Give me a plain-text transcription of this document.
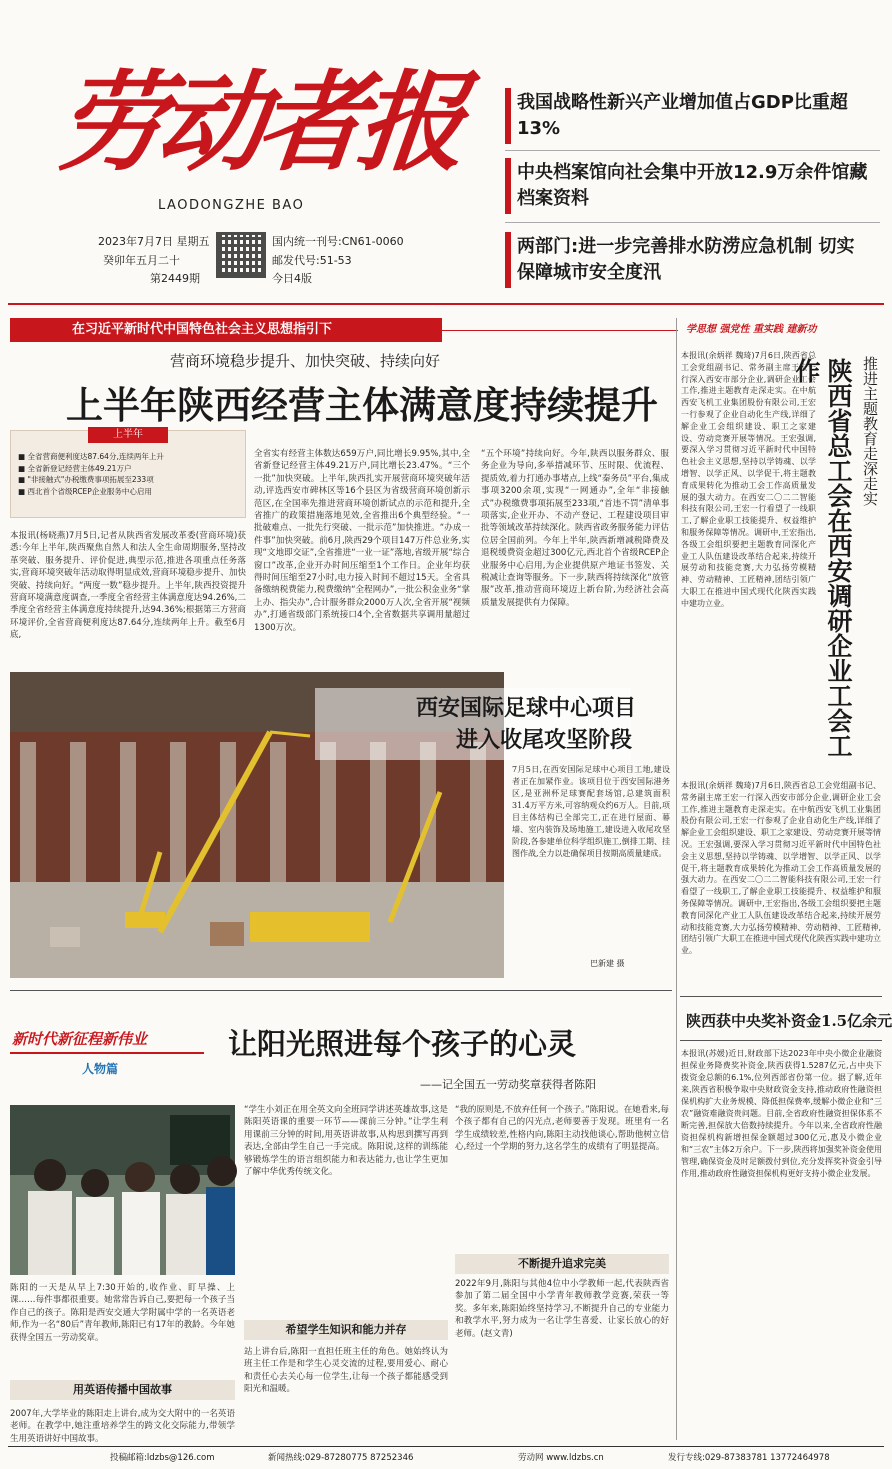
劳动者报
LAODONGZHE BAO
2023年7月7日 星期五
癸卯年五月二十
第2449期
国内统一刊号:CN61-0060
邮发代号:51-53
今日4版
我国战略性新兴产业增加值占GDP比重超13%
中央档案馆向社会集中开放12.9万余件馆藏档案资料
两部门:进一步完善排水防涝应急机制 切实保障城市安全度汛
在习近平新时代中国特色社会主义思想指引下	学思想 强党性 重实践 建新功
营商环境稳步提升、加快突破、持续向好
上半年陕西经营主体满意度持续提升
上半年
■ 全省营商便利度达87.64分,连续两年上升
■ 全省新登记经营主体49.21万户
■ "非接触式"办税缴费事项拓展至233项
■ 西北首个省级RCEP企业服务中心启用
本报讯(杨晓燕)7月5日,记者从陕西省发展改革委(营商环境)获悉:今年上半年,陕西聚焦自然人和法人全生命周期服务,坚持改革突破、服务提升、评价促进,典型示范,推进各项重点任务落实,营商环境突破年活动取得明显成效,营商环境稳步提升、加快突破、持续向好。“两度一数”稳步提升。上半年,陕西投资提升营商环境满意度调查,一季度全省经营主体满意度达94.26%,二季度全省经营主体满意度持续提升,达94.36%;根据第三方营商环境评价,全省营商便利度达87.64分,连续两年上升。截至6月底,
全省实有经营主体数达659万户,同比增长9.95%,其中,全省新登记经营主体49.21万户,同比增长23.47%。“三个一批”加快突破。上半年,陕西扎实开展营商环境突破年活动,评选西安市碑林区等16个县区为省级营商环境创新示范区,在全国率先推进营商环境创新试点的示范和提升,全省推广的政策措施落地见效,全省推出6个典型经验。“一批破难点、一批先行突破、一批示范”加快推进。“办成一件事”加快突破。前6月,陕西29个项目147万件总业务,实现“文地即交证”,全省推进“一业一证”落地,省级开展“综合窗口”改革,企业开办时间压缩至1个工作日。企业年均获得时间压缩至27小时,电力接入时间不超过15天。全省具备缴纳税费能力,税费缴纳“全程网办”,一批公积金业务“掌上办、指尖办”,合计服务群众2000万人次,全省开展“视频办”,打通省级部门系统接口4个,全省数据共享调用量超过1300万次。
“五个环境”持续向好。今年,陕西以服务群众、服务企业为导向,多举措减环节、压时限、优流程、提质效,着力打通办事堵点,上线“秦务员”平台,集成事项3200余项,实现“一网通办”,全年“非接触式”办税缴费事项拓展至233项,“首违不罚”清单事项落实,企业开办、不动产登记、工程建设项目审批等领域改革持续深化。陕西省政务服务能力评估位居全国前列。今年上半年,陕西新增减税降费及退税缓费资金超过300亿元,西北首个省级RCEP企业服务中心启用,为企业提供原产地证书签发、关税减让查询等服务。下一步,陕西将持续深化“放管服”改革,推动营商环境迈上新台阶,为经济社会高质量发展提供有力保障。
西安国际足球中心项目
进入收尾攻坚阶段
7月5日,在西安国际足球中心项目工地,建设者正在加紧作业。该项目位于西安国际港务区,是亚洲杯足球赛配套场馆,总建筑面积31.4万平方米,可容纳观众约6万人。目前,项目主体结构已全部完工,正在进行屋面、幕墙、室内装饰及场地施工,建设进入收尾攻坚阶段,各参建单位科学组织施工,倒排工期、挂图作战,全力以赴确保项目按期高质量建成。
巴新建 摄
本报讯(余炳祥 魏琦)7月6日,陕西省总工会党组副书记、常务副主席王宏一行深入西安市部分企业,调研企业工会工作,推进主题教育走深走实。在中航西安飞机工业集团股份有限公司,王宏一行参观了企业自动化生产线,详细了解企业工会组织建设、职工之家建设、劳动竞赛开展等情况。王宏强调,要深入学习贯彻习近平新时代中国特色社会主义思想,坚持以学铸魂、以学增智、以学正风、以学促干,将主题教育成果转化为推动工会工作高质量发展的强大动力。在西安二〇二二智能科技有限公司,王宏一行看望了一线职工,了解企业职工技能提升、权益维护和服务保障等情况。调研中,王宏指出,各级工会组织要把主题教育同深化产业工人队伍建设改革结合起来,持续开展劳动和技能竞赛,大力弘扬劳模精神、劳动精神、工匠精神,团结引领广大职工在推进中国式现代化陕西实践中建功立业。	陕西省总工会在西安调研企业工会工作	推进主题教育走深走实
本报讯(余炳祥 魏琦)7月6日,陕西省总工会党组副书记、常务副主席王宏一行深入西安市部分企业,调研企业工会工作,推进主题教育走深走实。在中航西安飞机工业集团股份有限公司,王宏一行参观了企业自动化生产线,详细了解企业工会组织建设、职工之家建设、劳动竞赛开展等情况。王宏强调,要深入学习贯彻习近平新时代中国特色社会主义思想,坚持以学铸魂、以学增智、以学正风、以学促干,将主题教育成果转化为推动工会工作高质量发展的强大动力。在西安二〇二二智能科技有限公司,王宏一行看望了一线职工,了解企业职工技能提升、权益维护和服务保障等情况。调研中,王宏指出,各级工会组织要把主题教育同深化产业工人队伍建设改革结合起来,持续开展劳动和技能竞赛,大力弘扬劳模精神、劳动精神、工匠精神,团结引领广大职工在推进中国式现代化陕西实践中建功立业。
陕西获中央奖补资金1.5亿余元
本报讯(苏媛)近日,财政部下达2023年中央小微企业融资担保业务降费奖补资金,陕西获得1.5287亿元,占中央下拨资金总额的6.1%,位列西部省份第一位。据了解,近年来,陕西省积极争取中央财政资金支持,推动政府性融资担保机构扩大业务规模、降低担保费率,缓解小微企业和“三农”融资难融资贵问题。目前,全省政府性融资担保体系不断完善,担保放大倍数持续提升。今年以来,全省政府性融资担保机构新增担保金额超过300亿元,惠及小微企业和“三农”主体2万余户。下一步,陕西将加强奖补资金使用管理,确保资金及时足额拨付到位,充分发挥奖补资金引导作用,推动政府性融资担保机构更好支持小微企业发展。
新时代新征程新伟业
人物篇
让阳光照进每个孩子的心灵
——记全国五一劳动奖章获得者陈阳
陈阳的一天是从早上7:30开始的,收作业、盯早操、上课……每件事都很重要。她常常告诉自己,要把每一个孩子当作自己的孩子。陈阳是西安交通大学附属中学的一名英语老师,作为一名“80后”青年教师,陈阳已有17年的教龄。今年她获得全国五一劳动奖章。
用英语传播中国故事
2007年,大学毕业的陈阳走上讲台,成为交大附中的一名英语老师。在教学中,她注重培养学生的跨文化交际能力,带领学生用英语讲好中国故事。
“学生小刘正在用全英文向全班同学讲述英雄故事,这是陈阳英语课的重要一环节——课前三分钟。”让学生利用课前三分钟的时间,用英语讲故事,从构思到撰写再到表达,全部由学生自己一手完成。陈阳说,这样的训练能够锻炼学生的语言组织能力和表达能力,也让学生更加了解中华优秀传统文化。
希望学生知识和能力并存
站上讲台后,陈阳一直担任班主任的角色。她始终认为班主任工作是和学生心灵交流的过程,要用爱心、耐心和责任心去关心每一位学生,让每一个孩子都能感受到阳光和温暖。
“我的原则是,不放弃任何一个孩子。”陈阳说。在她看来,每个孩子都有自己的闪光点,老师要善于发现。班里有一名学生成绩较差,性格内向,陈阳主动找他谈心,帮助他树立信心,经过一个学期的努力,这名学生的成绩有了明显提高。
不断提升追求完美
2022年9月,陈阳与其他4位中小学教师一起,代表陕西省参加了第二届全国中小学青年教师教学竞赛,荣获一等奖。多年来,陈阳始终坚持学习,不断提升自己的专业能力和教学水平,努力成为一名让学生喜爱、让家长放心的好老师。(赵文青)
投稿邮箱:ldzbs@126.com	新闻热线:029-87280775 87252346	劳动网 www.ldzbs.cn	发行专线:029-87383781 13772464978
